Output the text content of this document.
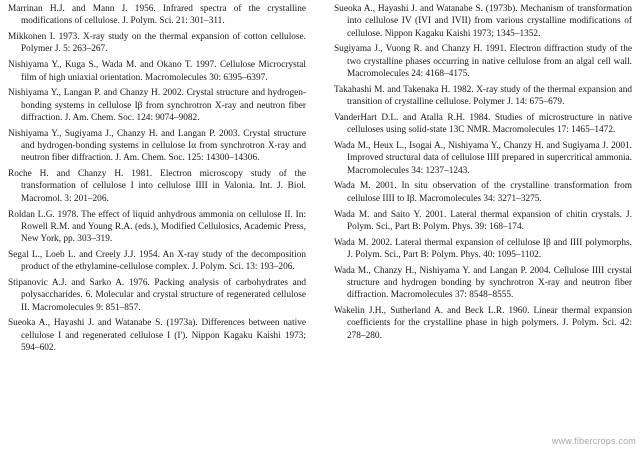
Marrinan H.J. and Mann J. 1956. Infrared spectra of the crystalline modifications of cellulose. J. Polym. Sci. 21: 301–311.

Mikkonen I. 1973. X-ray study on the thermal expansion of cotton cellulose. Polymer J. 5: 263–267.

Nishiyama Y., Kuga S., Wada M. and Okano T. 1997. Cellulose Microcrystal film of high uniaxial orientation. Macromolecules 30: 6395–6397.

Nishiyama Y., Langan P. and Chanzy H. 2002. Crystal structure and hydrogen-bonding systems in cellulose Iβ from synchrotron X-ray and neutron fiber diffraction. J. Am. Chem. Soc. 124: 9074–9082.

Nishiyama Y., Sugiyama J., Chanzy H. and Langan P. 2003. Crystal structure and hydrogen-bonding systems in cellulose Iα from synchrotron X-ray and neutron fiber diffraction. J. Am. Chem. Soc. 125: 14300–14306.

Roche H. and Chanzy H. 1981. Electron microscopy study of the transformation of cellulose I into cellulose IIII in Valonia. Int. J. Biol. Macromol. 3: 201–206.

Roldan L.G. 1978. The effect of liquid anhydrous ammonia on cellulose II. In: Rowell R.M. and Young R.A. (eds.), Modified Cellulosics, Academic Press, New York, pp. 303–319.

Segal L., Loeb L. and Creely J.J. 1954. An X-ray study of the decomposition product of the ethylamine-cellulose complex. J. Polym. Sci. 13: 193–206.

Stipanovic A.J. and Sarko A. 1976. Packing analysis of carbohydrates and polysaccharides. 6. Molecular and crystal structure of regenerated cellulose II. Macromolecules 9: 851–857.

Sueoka A., Hayashi J. and Watanabe S. (1973a). Differences between native cellulose I and regenerated cellulose I (I'). Nippon Kagaku Kaishi 1973; 594–602.

Sueoka A., Hayashi J. and Watanabe S. (1973b). Mechanism of transformation into cellulose IV (IVI and IVII) from various crystalline modifications of cellulose. Nippon Kagaku Kaishi 1973; 1345–1352.

Sugiyama J., Vuong R. and Chanzy H. 1991. Electron diffraction study of the two crystalline phases occurring in native cellulose from an algal cell wall. Macromolecules 24: 4168–4175.

Takahashi M. and Takenaka H. 1982. X-ray study of the thermal expansion and transition of crystalline cellulose. Polymer J. 14: 675–679.

VanderHart D.L. and Atalla R.H. 1984. Studies of microstructure in native celluloses using solid-state 13C NMR. Macromolecules 17: 1465–1472.

Wada M., Heux L., Isogai A., Nishiyama Y., Chanzy H. and Sugiyama J. 2001. Improved structural data of cellulose IIII prepared in supercritical ammonia. Macromolecules 34: 1237–1243.

Wada M. 2001. In situ observation of the crystalline transformation from cellulose IIII to Iβ. Macromolecules 34: 3271–3275.

Wada M. and Saito Y. 2001. Lateral thermal expansion of chitin crystals. J. Polym. Sci., Part B: Polym. Phys. 39: 168–174.

Wada M. 2002. Lateral thermal expansion of cellulose Iβ and IIII polymorphs. J. Polym. Sci., Part B: Polym. Phys. 40: 1095–1102.

Wada M., Chanzy H., Nishiyama Y. and Langan P. 2004. Cellulose IIII crystal structure and hydrogen bonding by synchrotron X-ray and neutron fiber diffraction. Macromolecules 37: 8548–8555.

Wakelin J.H., Sutherland A. and Beck L.R. 1960. Linear thermal expansion coefficients for the crystalline phase in high polymers. J. Polym. Sci. 42: 278–280.

www.fibercrops.com
